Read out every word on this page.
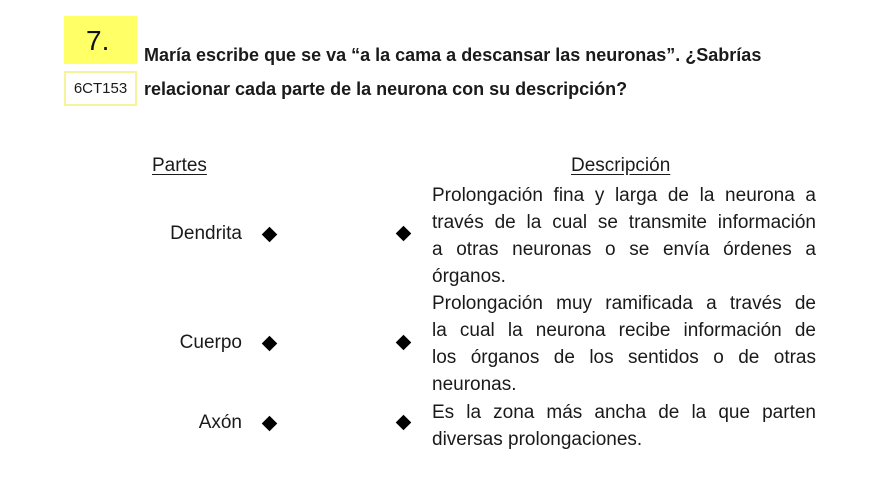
7.
6CT153
María escribe que se va “a la cama a descansar las neuronas”. ¿Sabrías
relacionar cada parte de la neurona con su descripción?
Partes	Descripción
Dendrita
Cuerpo
Axón
Prolongación fina y larga de la neurona a
través de la cual se transmite información
a otras neuronas o se envía órdenes a
órganos.
Prolongación muy ramificada a través de
la cual la neurona recibe información de
los órganos de los sentidos o de otras
neuronas.
Es la zona más ancha de la que parten
diversas prolongaciones.
